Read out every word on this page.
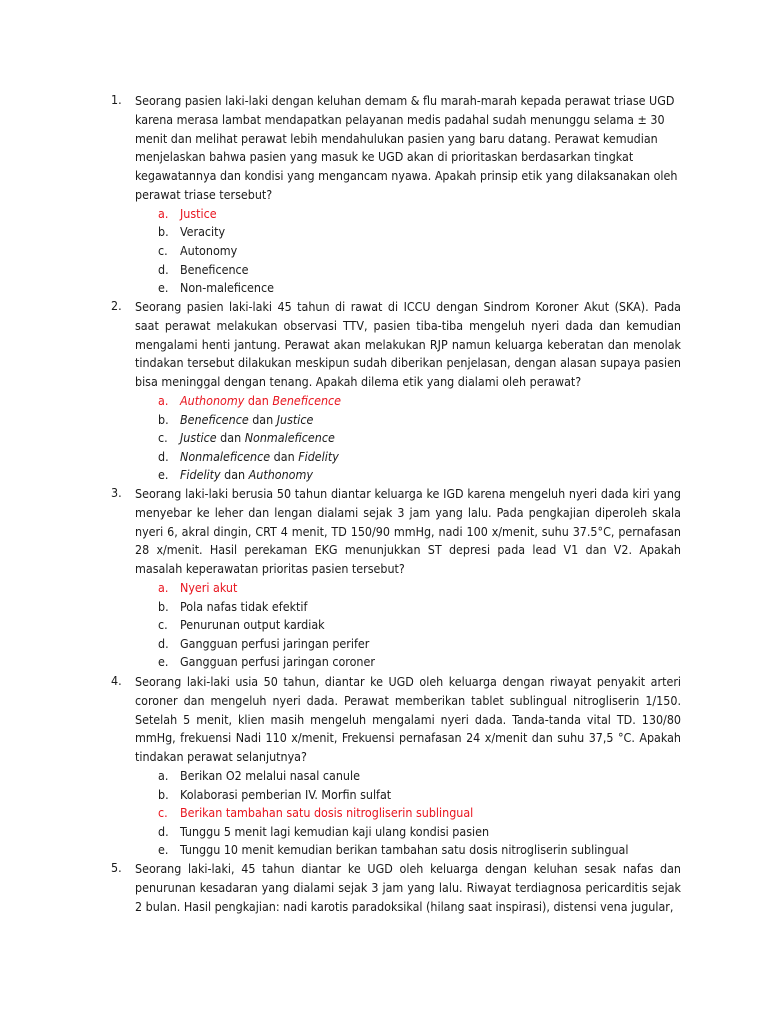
1.	Seorang pasien laki-laki dengan keluhan demam & flu marah-marah kepada perawat triase UGD karena merasa lambat mendapatkan pelayanan medis padahal sudah menunggu selama ± 30 menit dan melihat perawat lebih mendahulukan pasien yang baru datang. Perawat kemudian menjelaskan bahwa pasien yang masuk ke UGD akan di prioritaskan berdasarkan tingkat kegawatannya dan kondisi yang mengancam nyawa. Apakah prinsip etik yang dilaksanakan oleh perawat triase tersebut?
a. Justice
b. Veracity
c. Autonomy
d. Beneficence
e. Non-maleficence
2.	Seorang pasien laki-laki 45 tahun di rawat di ICCU dengan Sindrom Koroner Akut (SKA). Pada saat perawat melakukan observasi TTV, pasien tiba-tiba mengeluh nyeri dada dan kemudian mengalami henti jantung. Perawat akan melakukan RJP namun keluarga keberatan dan menolak tindakan tersebut dilakukan meskipun sudah diberikan penjelasan, dengan alasan supaya pasien bisa meninggal dengan tenang. Apakah dilema etik yang dialami oleh perawat?
a. Authonomy dan Beneficence
b. Beneficence dan Justice
c. Justice dan Nonmaleficence
d. Nonmaleficence dan Fidelity
e. Fidelity dan Authonomy
3.	Seorang laki-laki berusia 50 tahun diantar keluarga ke IGD karena mengeluh nyeri dada kiri yang menyebar ke leher dan lengan dialami sejak 3 jam yang lalu. Pada pengkajian diperoleh skala nyeri 6, akral dingin, CRT 4 menit, TD 150/90 mmHg, nadi 100 x/menit, suhu 37.5°C, pernafasan 28 x/menit. Hasil perekaman EKG menunjukkan ST depresi pada lead V1 dan V2. Apakah masalah keperawatan prioritas pasien tersebut?
a. Nyeri akut
b. Pola nafas tidak efektif
c. Penurunan output kardiak
d. Gangguan perfusi jaringan perifer
e. Gangguan perfusi jaringan coroner
4.	Seorang laki-laki usia 50 tahun, diantar ke UGD oleh keluarga dengan riwayat penyakit arteri coroner dan mengeluh nyeri dada. Perawat memberikan tablet sublingual nitrogliserin 1/150. Setelah 5 menit, klien masih mengeluh mengalami nyeri dada. Tanda-tanda vital TD. 130/80 mmHg, frekuensi Nadi 110 x/menit, Frekuensi pernafasan 24 x/menit dan suhu 37,5 °C. Apakah tindakan perawat selanjutnya?
a. Berikan O2 melalui nasal canule
b. Kolaborasi pemberian IV. Morfin sulfat
c. Berikan tambahan satu dosis nitrogliserin sublingual
d. Tunggu 5 menit lagi kemudian kaji ulang kondisi pasien
e. Tunggu 10 menit kemudian berikan tambahan satu dosis nitrogliserin sublingual
5.	Seorang laki-laki, 45 tahun diantar ke UGD oleh keluarga dengan keluhan sesak nafas dan penurunan kesadaran yang dialami sejak 3 jam yang lalu. Riwayat terdiagnosa pericarditis sejak 2 bulan. Hasil pengkajian: nadi karotis paradoksikal (hilang saat inspirasi), distensi vena jugular,
